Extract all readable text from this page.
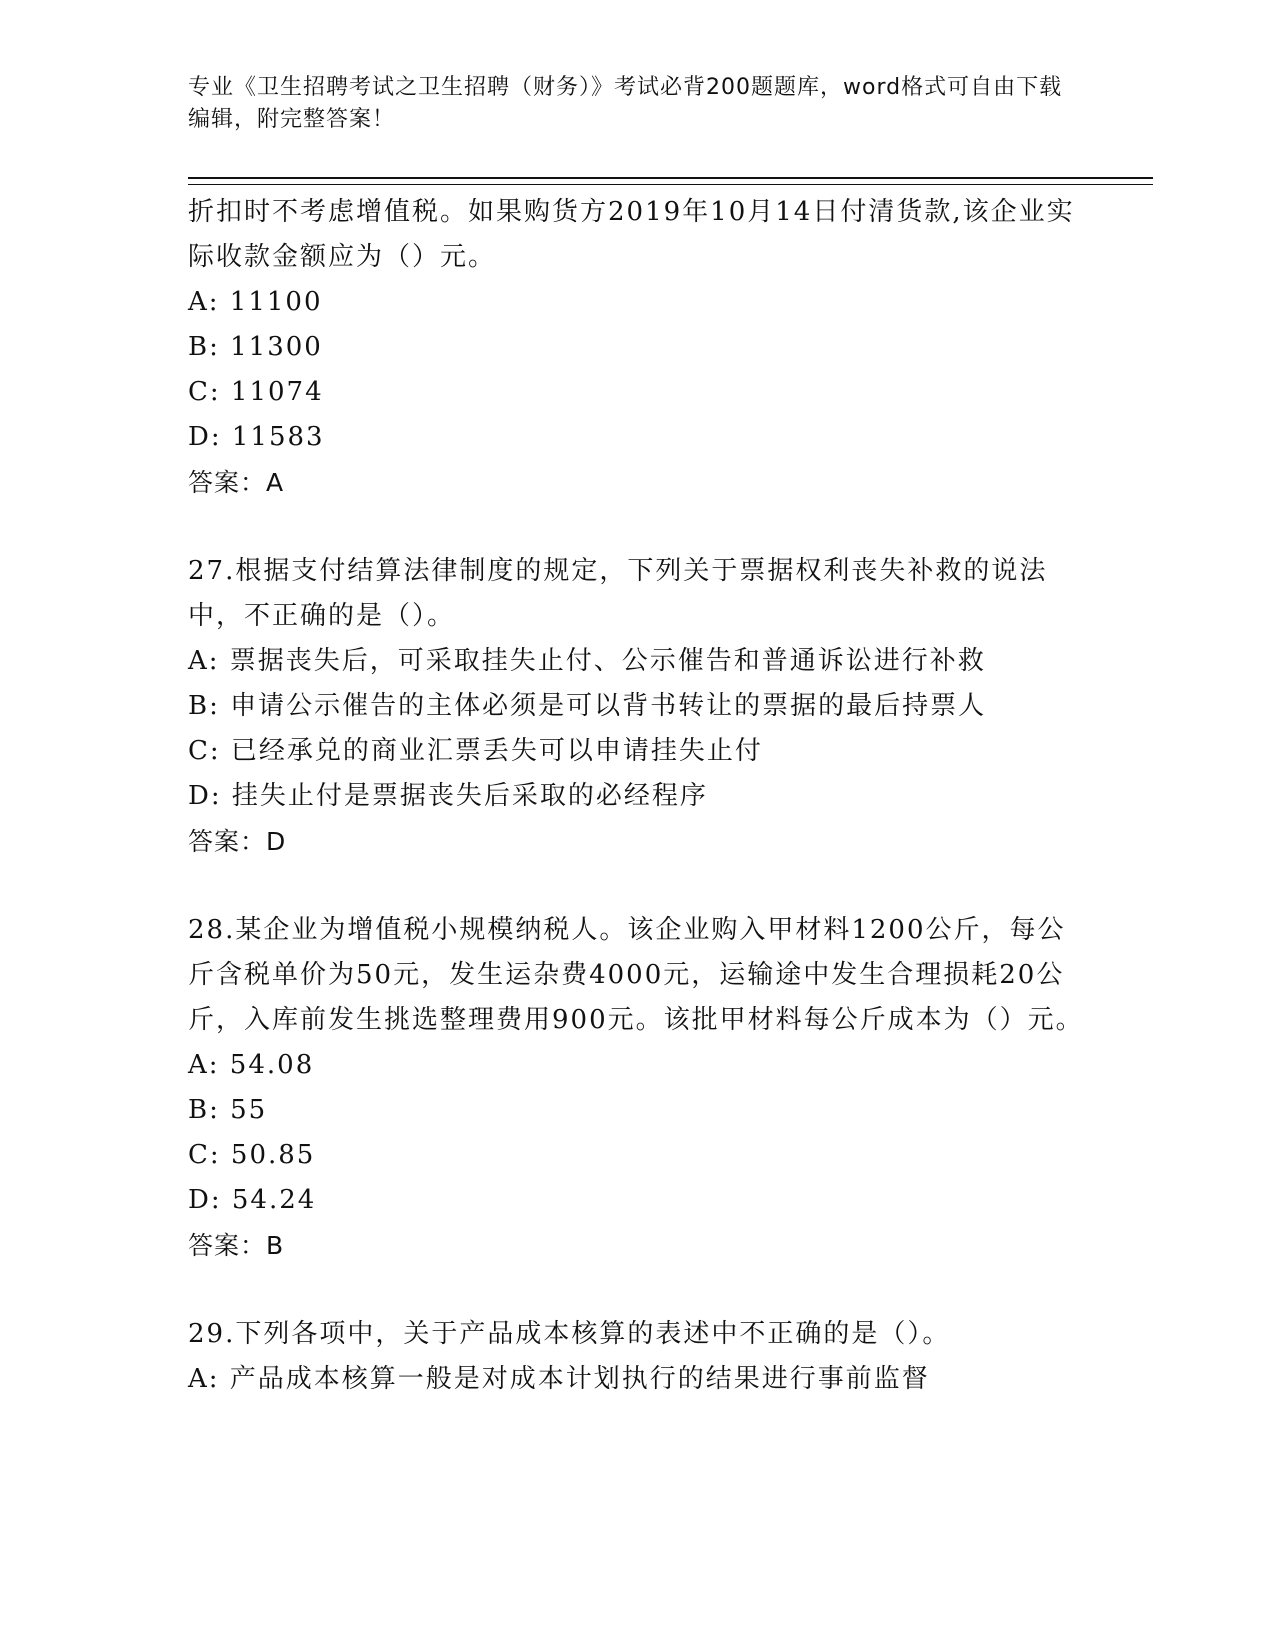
专业《卫生招聘考试之卫生招聘（财务）》考试必背200题题库，word格式可自由下载编辑，附完整答案！
折扣时不考虑增值税。如果购货方2019年10月14日付清货款,该企业实际收款金额应为（）元。
A: 11100
B: 11300
C: 11074
D: 11583
答案：A
27.根据支付结算法律制度的规定，下列关于票据权利丧失补救的说法中，不正确的是（）。
A: 票据丧失后，可采取挂失止付、公示催告和普通诉讼进行补救
B: 申请公示催告的主体必须是可以背书转让的票据的最后持票人
C: 已经承兑的商业汇票丢失可以申请挂失止付
D: 挂失止付是票据丧失后采取的必经程序
答案：D
28.某企业为增值税小规模纳税人。该企业购入甲材料1200公斤，每公斤含税单价为50元，发生运杂费4000元，运输途中发生合理损耗20公斤，入库前发生挑选整理费用900元。该批甲材料每公斤成本为（）元。
A: 54.08
B: 55
C: 50.85
D: 54.24
答案：B
29.下列各项中，关于产品成本核算的表述中不正确的是（）。
A: 产品成本核算一般是对成本计划执行的结果进行事前监督
